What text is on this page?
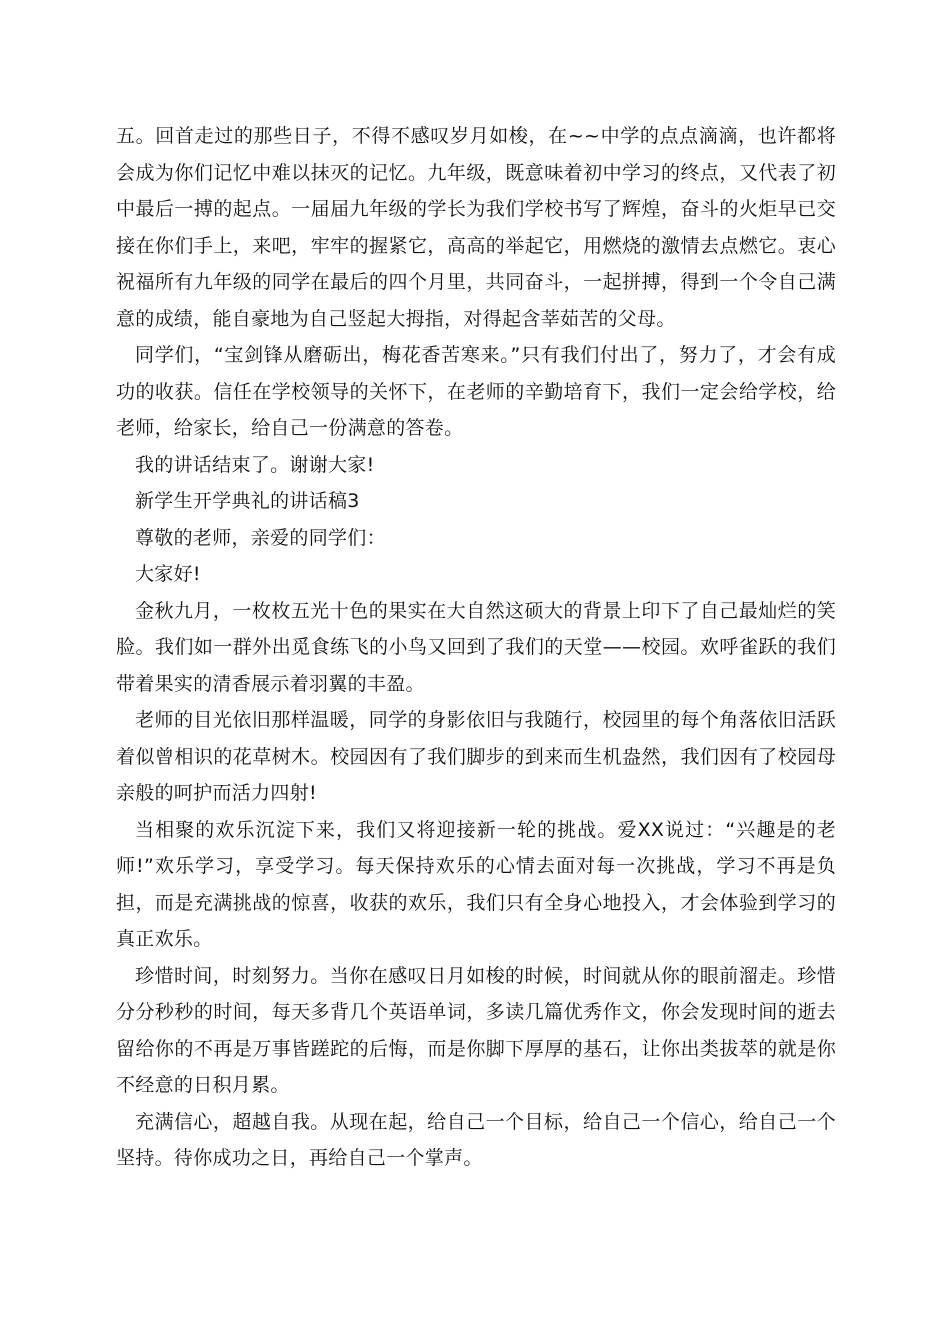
五。回首走过的那些日子，不得不感叹岁月如梭，在~~中学的点点滴滴，也许都将会成为你们记忆中难以抹灭的记忆。九年级，既意味着初中学习的终点，又代表了初中最后一搏的起点。一届届九年级的学长为我们学校书写了辉煌，奋斗的火炬早已交接在你们手上，来吧，牢牢的握紧它，高高的举起它，用燃烧的激情去点燃它。衷心祝福所有九年级的同学在最后的四个月里，共同奋斗，一起拼搏，得到一个令自己满意的成绩，能自豪地为自己竖起大拇指，对得起含莘茹苦的父母。

同学们，“宝剑锋从磨砺出，梅花香苦寒来。”只有我们付出了，努力了，才会有成功的收获。信任在学校领导的关怀下，在老师的辛勤培育下，我们一定会给学校，给老师，给家长，给自己一份满意的答卷。

我的讲话结束了。谢谢大家!

新学生开学典礼的讲话稿3

尊敬的老师，亲爱的同学们：

大家好!

金秋九月，一枚枚五光十色的果实在大自然这硕大的背景上印下了自己最灿烂的笑脸。我们如一群外出觅食练飞的小鸟又回到了我们的天堂——校园。欢呼雀跃的我们带着果实的清香展示着羽翼的丰盈。

老师的目光依旧那样温暖，同学的身影依旧与我随行，校园里的每个角落依旧活跃着似曾相识的花草树木。校园因有了我们脚步的到来而生机盎然，我们因有了校园母亲般的呵护而活力四射!

当相聚的欢乐沉淀下来，我们又将迎接新一轮的挑战。爱XX说过：“兴趣是的老师!”欢乐学习，享受学习。每天保持欢乐的心情去面对每一次挑战，学习不再是负担，而是充满挑战的惊喜，收获的欢乐，我们只有全身心地投入，才会体验到学习的真正欢乐。

珍惜时间，时刻努力。当你在感叹日月如梭的时候，时间就从你的眼前溜走。珍惜分分秒秒的时间，每天多背几个英语单词，多读几篇优秀作文，你会发现时间的逝去留给你的不再是万事皆蹉跎的后悔，而是你脚下厚厚的基石，让你出类拔萃的就是你不经意的日积月累。

充满信心，超越自我。从现在起，给自己一个目标，给自己一个信心，给自己一个坚持。待你成功之日，再给自己一个掌声。
